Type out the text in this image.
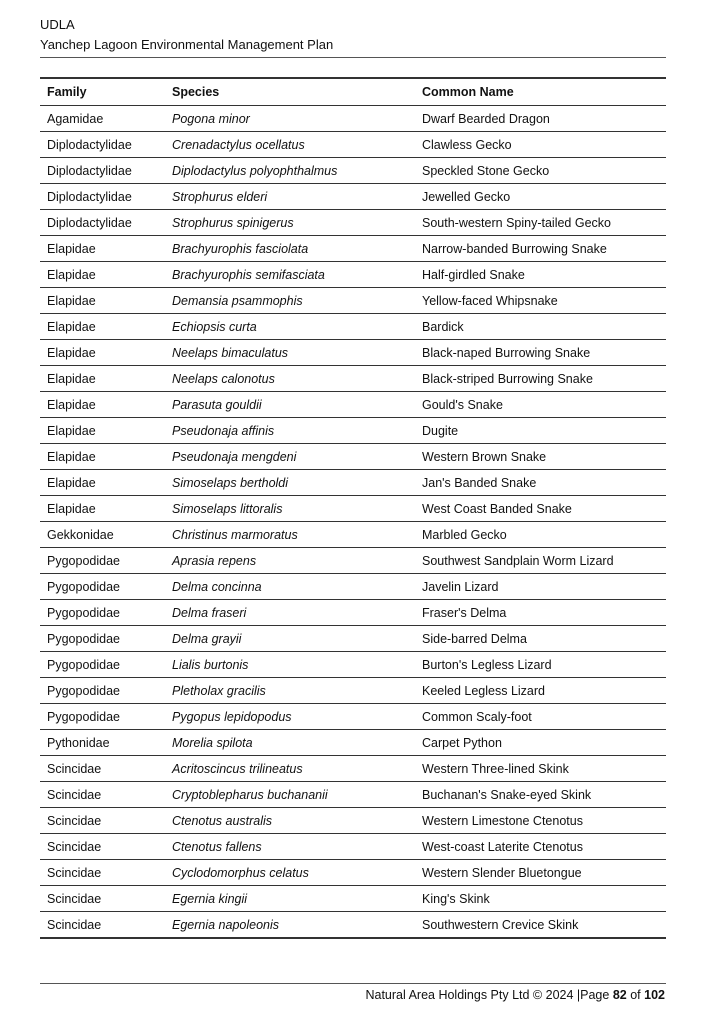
UDLA
Yanchep Lagoon Environmental Management Plan
Family	Species	Common Name
Agamidae	Pogona minor	Dwarf Bearded Dragon
Diplodactylidae	Crenadactylus ocellatus	Clawless Gecko
Diplodactylidae	Diplodactylus polyophthalmus	Speckled Stone Gecko
Diplodactylidae	Strophurus elderi	Jewelled Gecko
Diplodactylidae	Strophurus spinigerus	South-western Spiny-tailed Gecko
Elapidae	Brachyurophis fasciolata	Narrow-banded Burrowing Snake
Elapidae	Brachyurophis semifasciata	Half-girdled Snake
Elapidae	Demansia psammophis	Yellow-faced Whipsnake
Elapidae	Echiopsis curta	Bardick
Elapidae	Neelaps bimaculatus	Black-naped Burrowing Snake
Elapidae	Neelaps calonotus	Black-striped Burrowing Snake
Elapidae	Parasuta gouldii	Gould's Snake
Elapidae	Pseudonaja affinis	Dugite
Elapidae	Pseudonaja mengdeni	Western Brown Snake
Elapidae	Simoselaps bertholdi	Jan's Banded Snake
Elapidae	Simoselaps littoralis	West Coast Banded Snake
Gekkonidae	Christinus marmoratus	Marbled Gecko
Pygopodidae	Aprasia repens	Southwest Sandplain Worm Lizard
Pygopodidae	Delma concinna	Javelin Lizard
Pygopodidae	Delma fraseri	Fraser's Delma
Pygopodidae	Delma grayii	Side-barred Delma
Pygopodidae	Lialis burtonis	Burton's Legless Lizard
Pygopodidae	Pletholax gracilis	Keeled Legless Lizard
Pygopodidae	Pygopus lepidopodus	Common Scaly-foot
Pythonidae	Morelia spilota	Carpet Python
Scincidae	Acritoscincus trilineatus	Western Three-lined Skink
Scincidae	Cryptoblepharus buchananii	Buchanan's Snake-eyed Skink
Scincidae	Ctenotus australis	Western Limestone Ctenotus
Scincidae	Ctenotus fallens	West-coast Laterite Ctenotus
Scincidae	Cyclodomorphus celatus	Western Slender Bluetongue
Scincidae	Egernia kingii	King's Skink
Scincidae	Egernia napoleonis	Southwestern Crevice Skink
Natural Area Holdings Pty Ltd © 2024 |Page 82 of 102
